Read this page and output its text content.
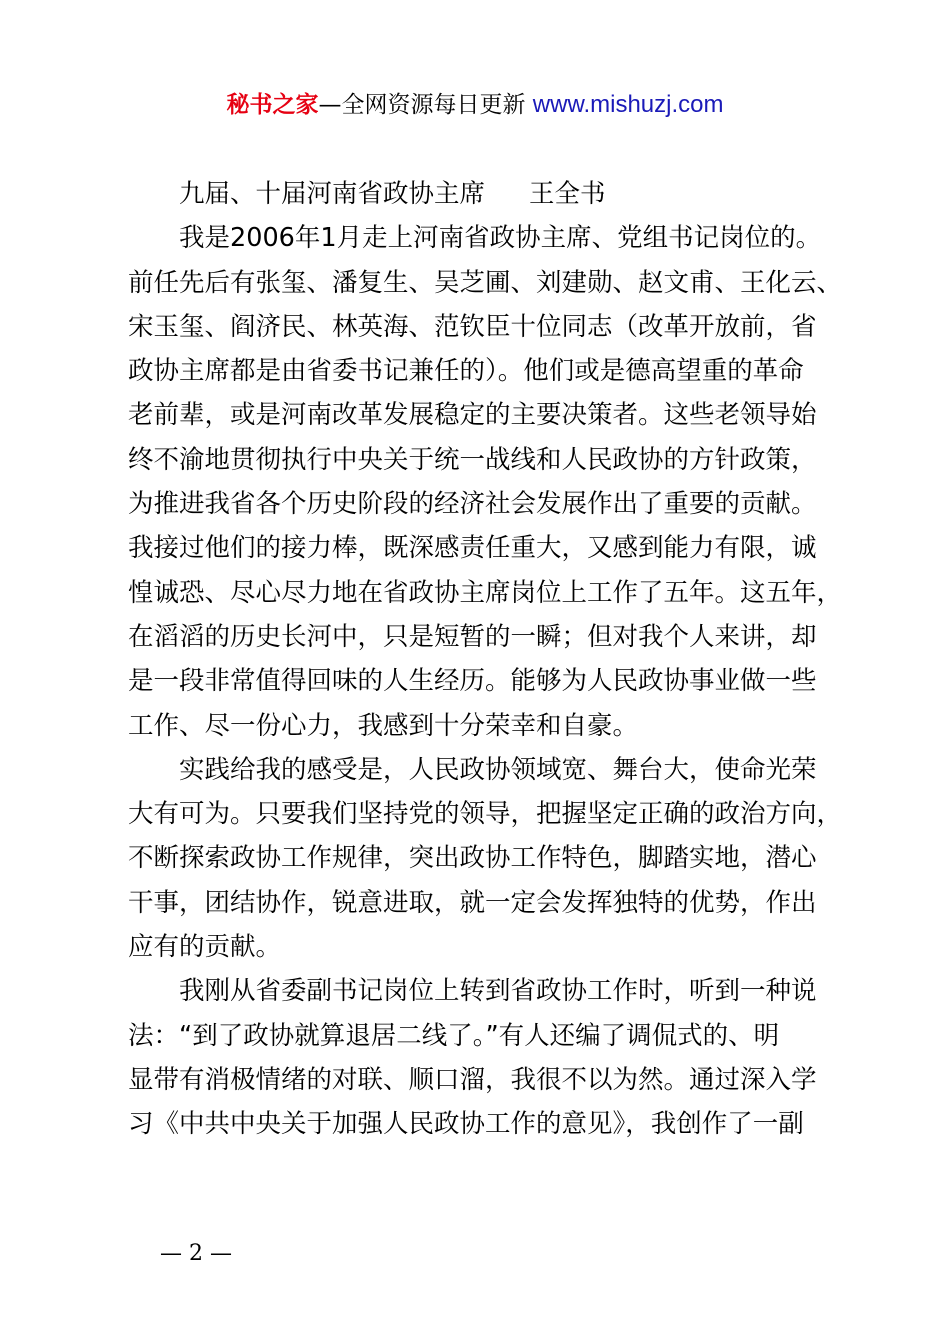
秘书之家—全网资源每日更新 www.mishuzj.com
九届、十届河南省政协主席 王全书
我是2006年1月走上河南省政协主席、党组书记岗位的。
前任先后有张玺、潘复生、吴芝圃、刘建勋、赵文甫、王化云、
宋玉玺、阎济民、林英海、范钦臣十位同志（改革开放前，省
政协主席都是由省委书记兼任的）。他们或是德高望重的革命
老前辈，或是河南改革发展稳定的主要决策者。这些老领导始
终不渝地贯彻执行中央关于统一战线和人民政协的方针政策，
为推进我省各个历史阶段的经济社会发展作出了重要的贡献。
我接过他们的接力棒，既深感责任重大，又感到能力有限，诚
惶诚恐、尽心尽力地在省政协主席岗位上工作了五年。这五年，
在滔滔的历史长河中，只是短暂的一瞬；但对我个人来讲，却
是一段非常值得回味的人生经历。能够为人民政协事业做一些
工作、尽一份心力，我感到十分荣幸和自豪。
实践给我的感受是，人民政协领域宽、舞台大，使命光荣
大有可为。只要我们坚持党的领导，把握坚定正确的政治方向，
不断探索政协工作规律，突出政协工作特色，脚踏实地，潜心
干事，团结协作，锐意进取，就一定会发挥独特的优势，作出
应有的贡献。
我刚从省委副书记岗位上转到省政协工作时，听到一种说
法：“到了政协就算退居二线了。”有人还编了调侃式的、明
显带有消极情绪的对联、顺口溜，我很不以为然。通过深入学
习《中共中央关于加强人民政协工作的意见》，我创作了一副
— 2 —
